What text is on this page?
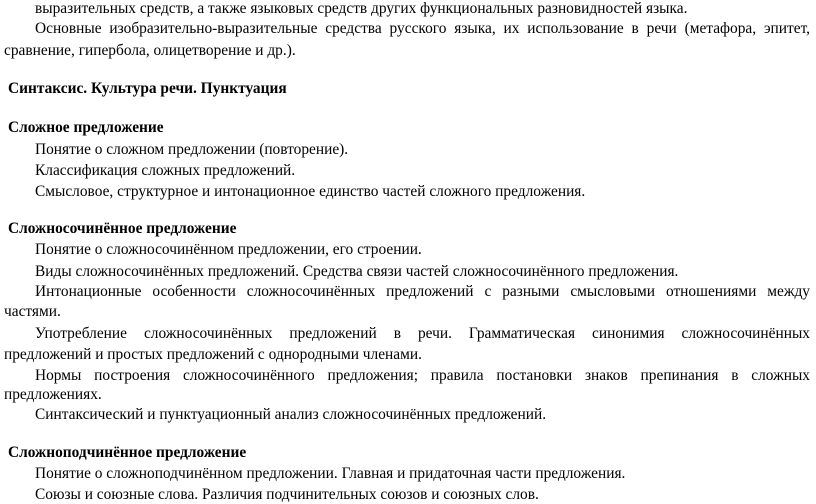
выразительных средств, а также языковых средств других функциональных разновидностей языка.
Основные изобразительно-выразительные средства русского языка, их использование в речи (метафора, эпитет,
сравнение, гипербола, олицетворение и др.).
Синтаксис. Культура речи. Пунктуация
Сложное предложение
Понятие о сложном предложении (повторение).
Классификация сложных предложений.
Смысловое, структурное и интонационное единство частей сложного предложения.
Сложносочинённое предложение
Понятие о сложносочинённом предложении, его строении.
Виды сложносочинённых предложений. Средства связи частей сложносочинённого предложения.
Интонационные особенности сложносочинённых предложений с разными смысловыми отношениями между
частями.
Употребление сложносочинённых предложений в речи. Грамматическая синонимия сложносочинённых
предложений и простых предложений с однородными членами.
Нормы построения сложносочинённого предложения; правила постановки знаков препинания в сложных
предложениях.
Синтаксический и пунктуационный анализ сложносочинённых предложений.
Сложноподчинённое предложение
Понятие о сложноподчинённом предложении. Главная и придаточная части предложения.
Союзы и союзные слова. Различия подчинительных союзов и союзных слов.
